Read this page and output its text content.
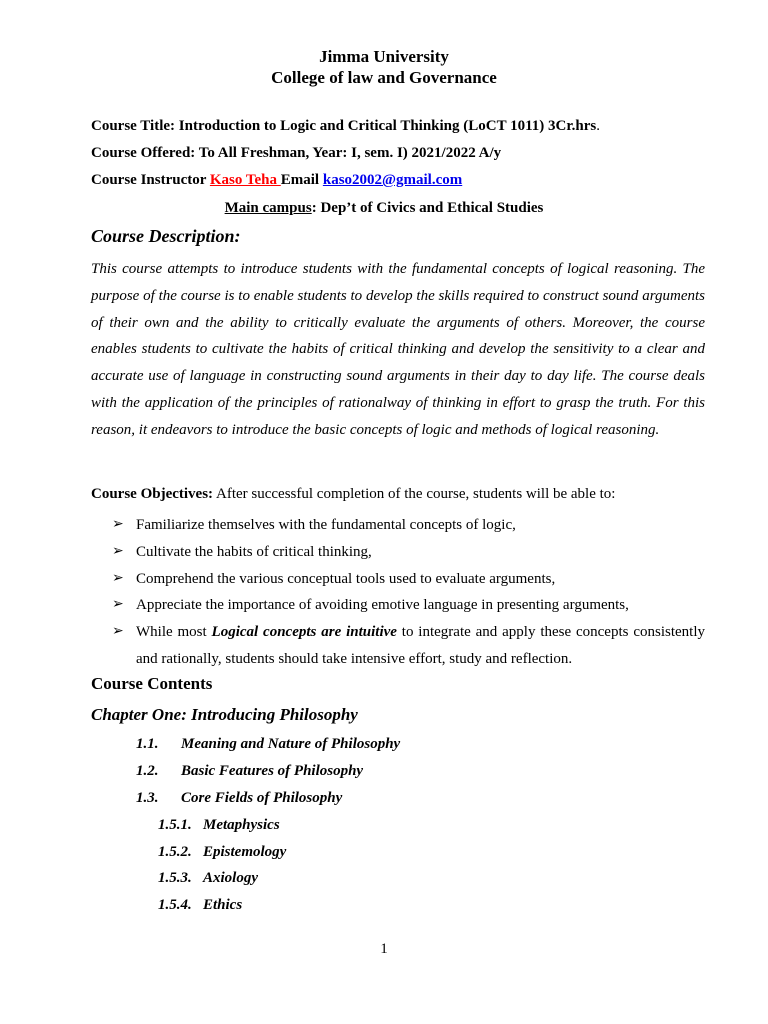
Jimma University
College of law and Governance
Course Title: Introduction to Logic and Critical Thinking (LoCT 1011) 3Cr.hrs.
Course Offered: To All Freshman, Year: I, sem. I) 2021/2022 A/y
Course Instructor Kaso Teha Email kaso2002@gmail.com
Main campus: Dep’t of Civics and Ethical Studies
Course Description:

This course attempts to introduce students with the fundamental concepts of logical reasoning. The purpose of the course is to enable students to develop the skills required to construct sound arguments of their own and the ability to critically evaluate the arguments of others. Moreover, the course enables students to cultivate the habits of critical thinking and develop the sensitivity to a clear and accurate use of language in constructing sound arguments in their day to day life. The course deals with the application of the principles of rationalway of thinking in effort to grasp the truth. For this reason, it endeavors to introduce the basic concepts of logic and methods of logical reasoning.

Course Objectives: After successful completion of the course, students will be able to:
➢ Familiarize themselves with the fundamental concepts of logic,
➢ Cultivate the habits of critical thinking,
➢ Comprehend the various conceptual tools used to evaluate arguments,
➢ Appreciate the importance of avoiding emotive language in presenting arguments,
➢ While most Logical concepts are intuitive to integrate and apply these concepts consistently and rationally, students should take intensive effort, study and reflection.
Course Contents
Chapter One: Introducing Philosophy
1.1. Meaning and Nature of Philosophy
1.2. Basic Features of Philosophy
1.3. Core Fields of Philosophy
1.5.1. Metaphysics
1.5.2. Epistemology
1.5.3. Axiology
1.5.4. Ethics
1
